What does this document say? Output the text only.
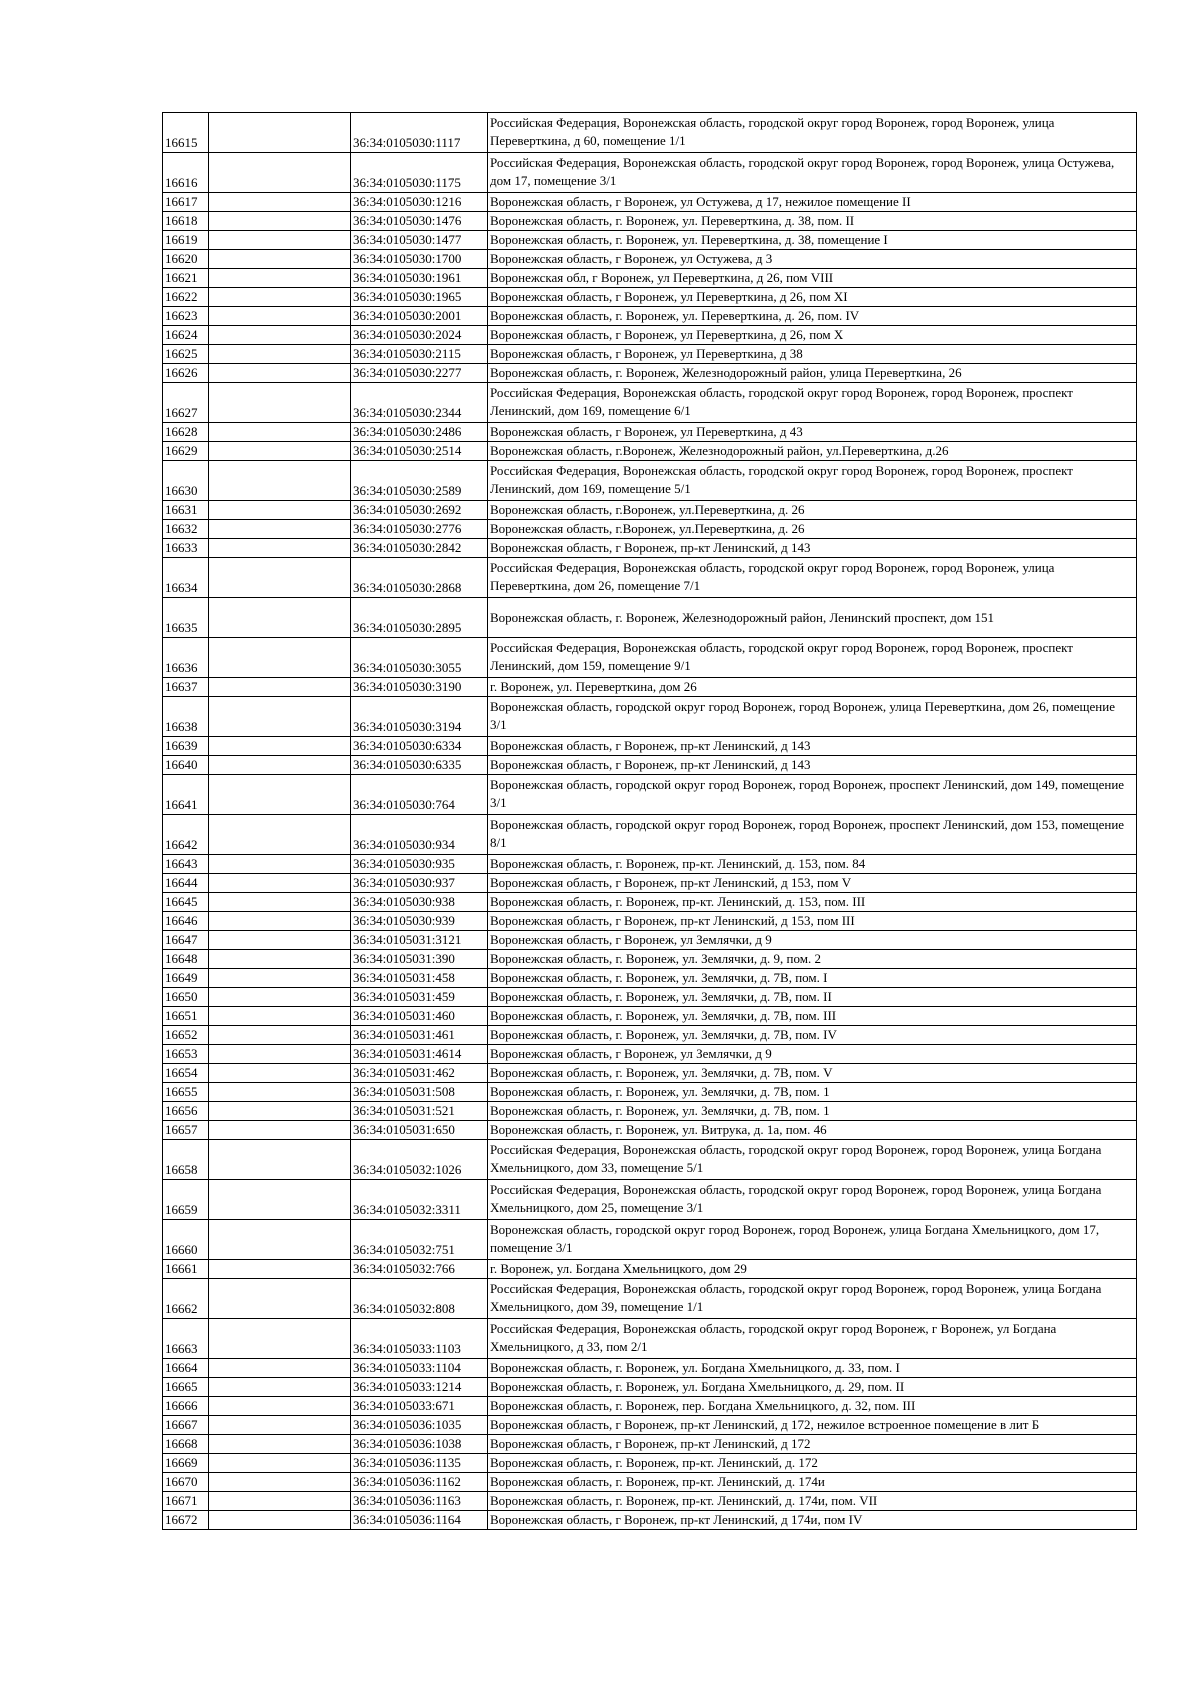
16615		36:34:0105030:1117	Российская Федерация, Воронежская область, городской округ город Воронеж, город Воронеж, улица Переверткина, д 60, помещение 1/1
16616		36:34:0105030:1175	Российская Федерация, Воронежская область, городской округ город Воронеж, город Воронеж, улица Остужева, дом 17, помещение 3/1
16617		36:34:0105030:1216	Воронежская область, г Воронеж, ул Остужева, д 17, нежилое помещение II
16618		36:34:0105030:1476	Воронежская область, г. Воронеж, ул. Переверткина, д. 38, пом. II
16619		36:34:0105030:1477	Воронежская область, г. Воронеж, ул. Переверткина, д. 38, помещение I
16620		36:34:0105030:1700	Воронежская область, г Воронеж, ул Остужева, д 3
16621		36:34:0105030:1961	Воронежская обл, г Воронеж, ул Переверткина, д 26, пом VIII
16622		36:34:0105030:1965	Воронежская область, г Воронеж, ул Переверткина, д 26, пом XI
16623		36:34:0105030:2001	Воронежская область, г. Воронеж, ул. Переверткина, д. 26, пом. IV
16624		36:34:0105030:2024	Воронежская область, г Воронеж, ул Переверткина, д 26, пом X
16625		36:34:0105030:2115	Воронежская область, г Воронеж, ул Переверткина, д 38
16626		36:34:0105030:2277	Воронежская область, г. Воронеж, Железнодорожный район, улица Переверткина, 26
16627		36:34:0105030:2344	Российская Федерация, Воронежская область, городской округ город Воронеж, город Воронеж, проспект Ленинский, дом 169, помещение 6/1
16628		36:34:0105030:2486	Воронежская область, г Воронеж, ул Переверткина, д 43
16629		36:34:0105030:2514	Воронежская область, г.Воронеж, Железнодорожный район, ул.Переверткина, д.26
16630		36:34:0105030:2589	Российская Федерация, Воронежская область, городской округ город Воронеж, город Воронеж, проспект Ленинский, дом 169, помещение 5/1
16631		36:34:0105030:2692	Воронежская область, г.Воронеж, ул.Переверткина, д. 26
16632		36:34:0105030:2776	Воронежская область, г.Воронеж, ул.Переверткина, д. 26
16633		36:34:0105030:2842	Воронежская область, г Воронеж, пр-кт Ленинский, д 143
16634		36:34:0105030:2868	Российская Федерация, Воронежская область, городской округ город Воронеж, город Воронеж, улица Переверткина, дом 26, помещение 7/1
16635		36:34:0105030:2895	Воронежская область, г. Воронеж, Железнодорожный район, Ленинский проспект, дом 151
16636		36:34:0105030:3055	Российская Федерация, Воронежская область, городской округ город Воронеж, город Воронеж, проспект Ленинский, дом 159, помещение 9/1
16637		36:34:0105030:3190	г. Воронеж, ул. Переверткина, дом 26
16638		36:34:0105030:3194	Воронежская область, городской округ город Воронеж, город Воронеж, улица Переверткина, дом 26, помещение 3/1
16639		36:34:0105030:6334	Воронежская область, г Воронеж, пр-кт Ленинский, д 143
16640		36:34:0105030:6335	Воронежская область, г Воронеж, пр-кт Ленинский, д 143
16641		36:34:0105030:764	Воронежская область, городской округ город Воронеж, город Воронеж, проспект Ленинский, дом 149, помещение 3/1
16642		36:34:0105030:934	Воронежская область, городской округ город Воронеж, город Воронеж, проспект Ленинский, дом 153, помещение 8/1
16643		36:34:0105030:935	Воронежская область, г. Воронеж, пр-кт. Ленинский, д. 153, пом. 84
16644		36:34:0105030:937	Воронежская область, г Воронеж, пр-кт Ленинский, д 153, пом V
16645		36:34:0105030:938	Воронежская область, г. Воронеж, пр-кт. Ленинский, д. 153, пом. III
16646		36:34:0105030:939	Воронежская область, г Воронеж, пр-кт Ленинский, д 153, пом III
16647		36:34:0105031:3121	Воронежская область, г Воронеж, ул Землячки, д 9
16648		36:34:0105031:390	Воронежская область, г. Воронеж, ул. Землячки, д. 9, пом. 2
16649		36:34:0105031:458	Воронежская область, г. Воронеж, ул. Землячки, д. 7В, пом. I
16650		36:34:0105031:459	Воронежская область, г. Воронеж, ул. Землячки, д. 7В, пом. II
16651		36:34:0105031:460	Воронежская область, г. Воронеж, ул. Землячки, д. 7В, пом. III
16652		36:34:0105031:461	Воронежская область, г. Воронеж, ул. Землячки, д. 7В, пом. IV
16653		36:34:0105031:4614	Воронежская область, г Воронеж, ул Землячки, д 9
16654		36:34:0105031:462	Воронежская область, г. Воронеж, ул. Землячки, д. 7В, пом. V
16655		36:34:0105031:508	Воронежская область, г. Воронеж, ул. Землячки, д. 7В, пом. 1
16656		36:34:0105031:521	Воронежская область, г. Воронеж, ул. Землячки, д. 7В, пом. 1
16657		36:34:0105031:650	Воронежская область, г. Воронеж, ул. Витрука, д. 1а, пом. 46
16658		36:34:0105032:1026	Российская Федерация, Воронежская область, городской округ город Воронеж, город Воронеж, улица Богдана Хмельницкого, дом 33, помещение 5/1
16659		36:34:0105032:3311	Российская Федерация, Воронежская область, городской округ город Воронеж, город Воронеж, улица Богдана Хмельницкого, дом 25, помещение 3/1
16660		36:34:0105032:751	Воронежская область, городской округ город Воронеж, город Воронеж, улица Богдана Хмельницкого, дом 17, помещение 3/1
16661		36:34:0105032:766	г. Воронеж, ул. Богдана Хмельницкого, дом 29
16662		36:34:0105032:808	Российская Федерация, Воронежская область, городской округ город Воронеж, город Воронеж, улица Богдана Хмельницкого, дом 39, помещение 1/1
16663		36:34:0105033:1103	Российская Федерация, Воронежская область, городской округ город Воронеж, г Воронеж, ул Богдана Хмельницкого, д 33, пом 2/1
16664		36:34:0105033:1104	Воронежская область, г. Воронеж, ул. Богдана Хмельницкого, д. 33, пом. I
16665		36:34:0105033:1214	Воронежская область, г. Воронеж, ул. Богдана Хмельницкого, д. 29, пом. II
16666		36:34:0105033:671	Воронежская область, г. Воронеж, пер. Богдана Хмельницкого, д. 32, пом. III
16667		36:34:0105036:1035	Воронежская область, г Воронеж, пр-кт Ленинский, д 172, нежилое встроенное помещение в лит Б
16668		36:34:0105036:1038	Воронежская область, г Воронеж, пр-кт Ленинский, д 172
16669		36:34:0105036:1135	Воронежская область, г. Воронеж, пр-кт. Ленинский, д. 172
16670		36:34:0105036:1162	Воронежская область, г. Воронеж, пр-кт. Ленинский, д. 174и
16671		36:34:0105036:1163	Воронежская область, г. Воронеж, пр-кт. Ленинский, д. 174и, пом. VII
16672		36:34:0105036:1164	Воронежская область, г Воронеж, пр-кт Ленинский, д 174и, пом IV
